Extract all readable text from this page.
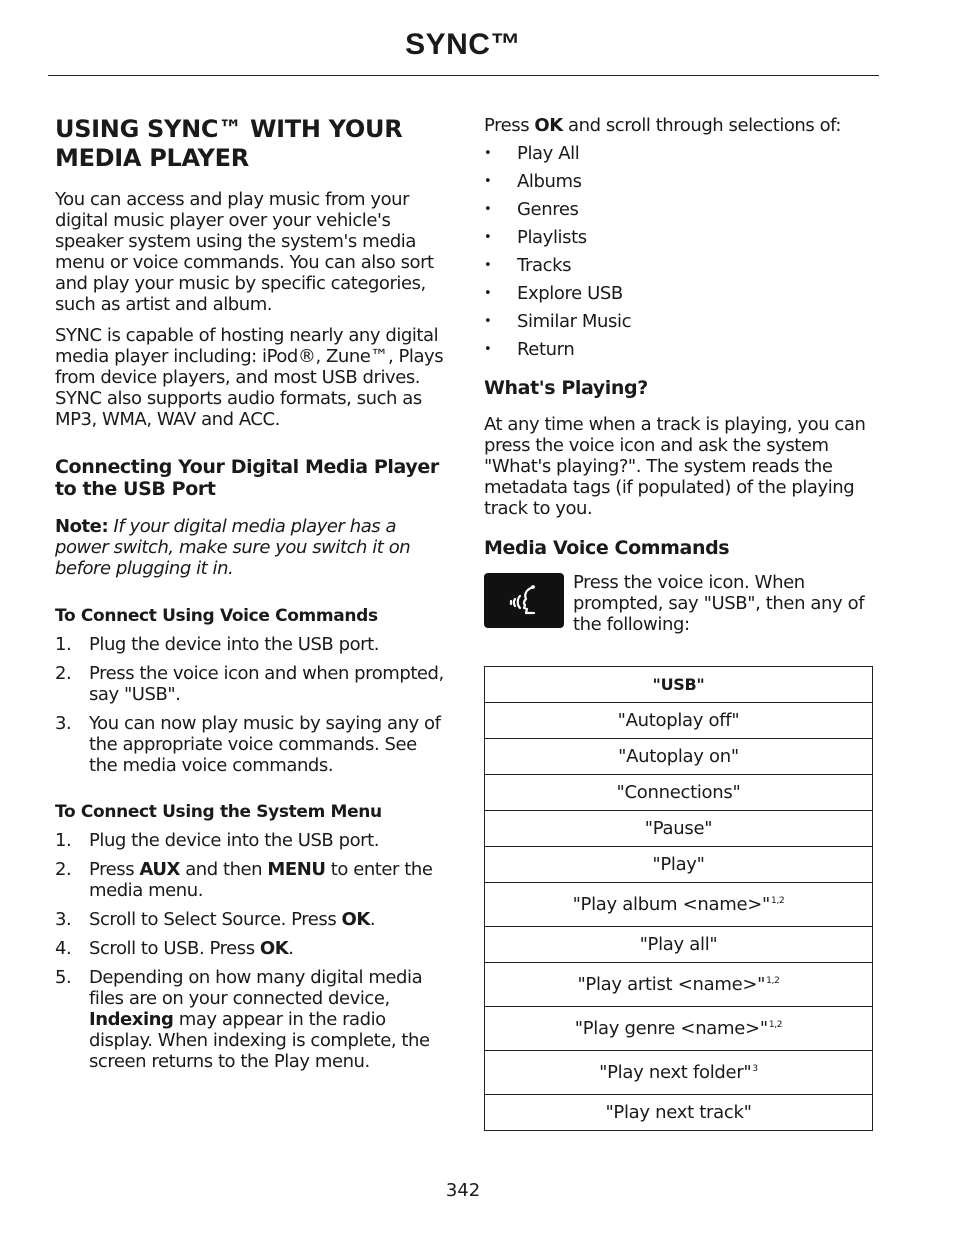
SYNC™
USING SYNC™ WITH YOUR MEDIA PLAYER

You can access and play music from your digital music player over your vehicle's speaker system using the system's media menu or voice commands. You can also sort and play your music by specific categories, such as artist and album.

SYNC is capable of hosting nearly any digital media player including: iPod®, Zune™, Plays from device players, and most USB drives. SYNC also supports audio formats, such as MP3, WMA, WAV and ACC.

Connecting Your Digital Media Player to the USB Port

Note: If your digital media player has a power switch, make sure you switch it on before plugging it in.

To Connect Using Voice Commands
1. Plug the device into the USB port.
2. Press the voice icon and when prompted, say "USB".
3. You can now play music by saying any of the appropriate voice commands. See the media voice commands.
To Connect Using the System Menu
1. Plug the device into the USB port.
2. Press AUX and then MENU to enter the media menu.
3. Scroll to Select Source. Press OK.
4. Scroll to USB. Press OK.
5. Depending on how many digital media files are on your connected device, Indexing may appear in the radio display. When indexing is complete, the screen returns to the Play menu.

Press OK and scroll through selections of:

•	Play All
•	Albums
•	Genres
•	Playlists
•	Tracks
•	Explore USB
•	Similar Music
•	Return
What's Playing?

At any time when a track is playing, you can press the voice icon and ask the system "What's playing?". The system reads the metadata tags (if populated) of the playing track to you.

Media Voice Commands

Press the voice icon. When prompted, say "USB", then any of the following:

"USB"
"Autoplay off"
"Autoplay on"
"Connections"
"Pause"
"Play"
"Play album <name>"$^{1,2}$
"Play all"
"Play artist <name>"$^{1,2}$
"Play genre <name>"$^{1,2}$
"Play next folder"$^3$
"Play next track"
342
